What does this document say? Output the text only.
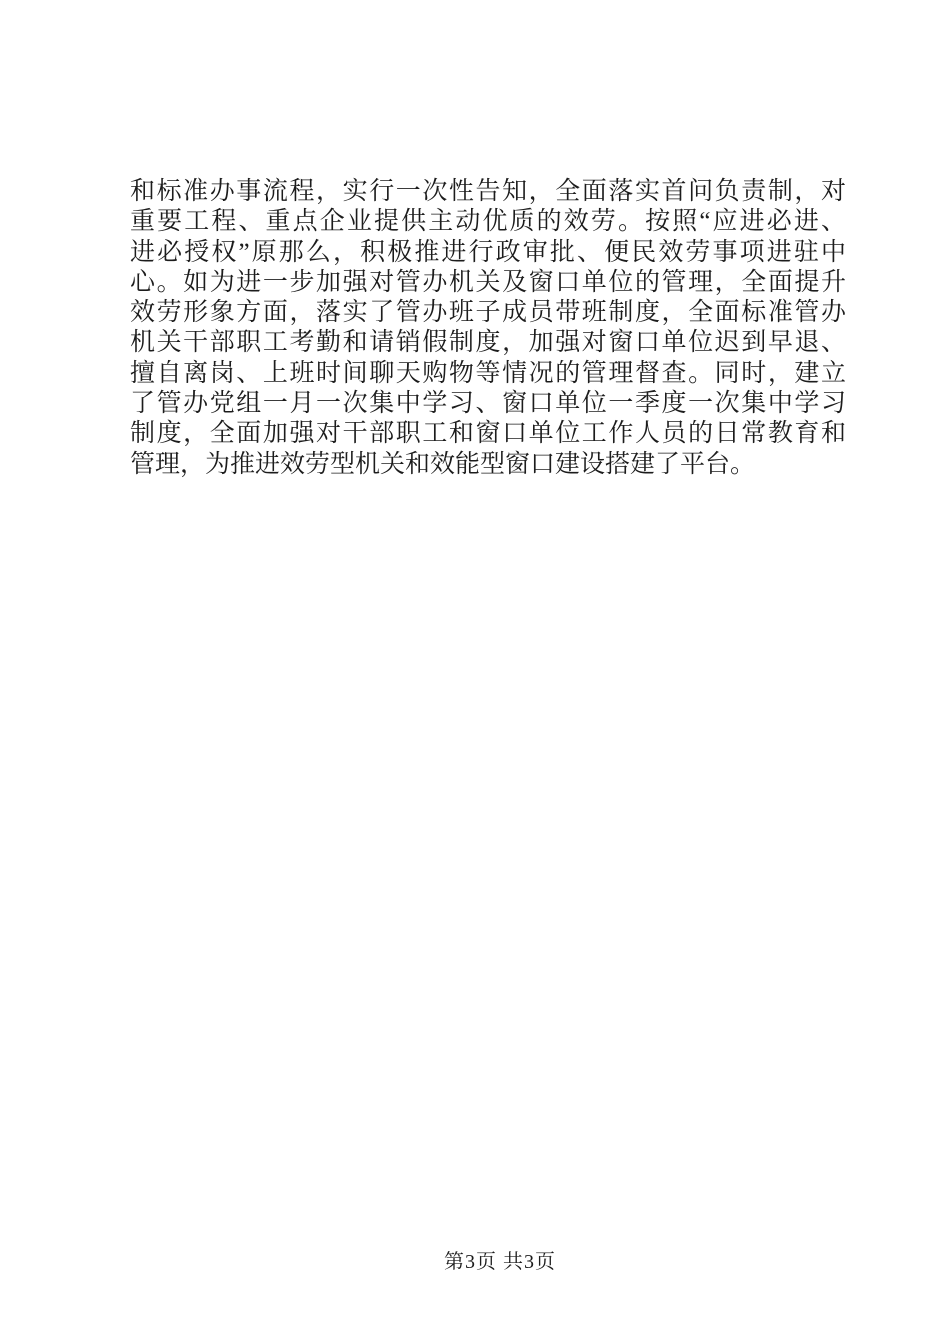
和标准办事流程，实行一次性告知，全面落实首问负责制，对
重要工程、重点企业提供主动优质的效劳。按照“应进必进、
进必授权”原那么，积极推进行政审批、便民效劳事项进驻中
心。如为进一步加强对管办机关及窗口单位的管理，全面提升
效劳形象方面，落实了管办班子成员带班制度，全面标准管办
机关干部职工考勤和请销假制度，加强对窗口单位迟到早退、
擅自离岗、上班时间聊天购物等情况的管理督查。同时，建立
了管办党组一月一次集中学习、窗口单位一季度一次集中学习
制度，全面加强对干部职工和窗口单位工作人员的日常教育和
管理，为推进效劳型机关和效能型窗口建设搭建了平台。
第3页 共3页
